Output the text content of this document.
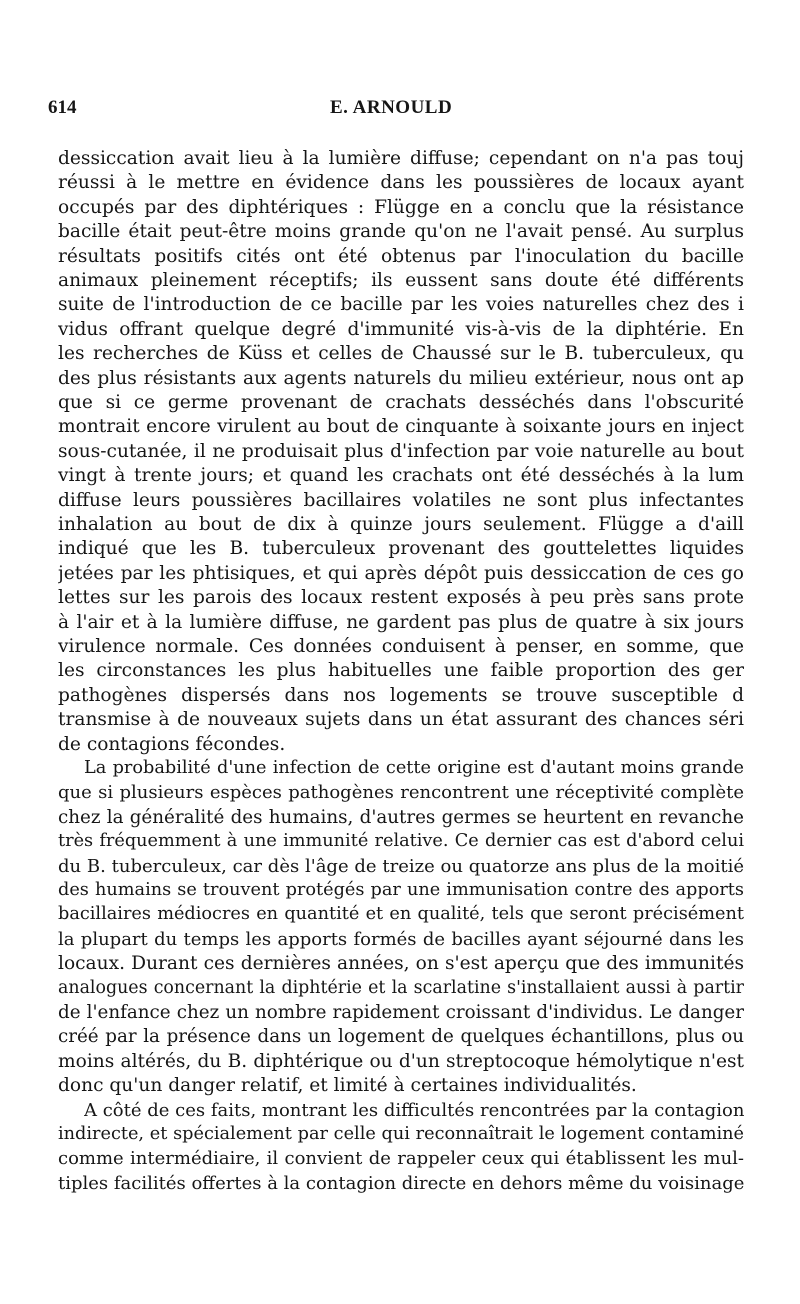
614	E. ARNOULD
dessiccation avait lieu à la lumière diffuse; cependant on n'a pas touj
réussi à le mettre en évidence dans les poussières de locaux ayant
occupés par des diphtériques : Flügge en a conclu que la résistance
bacille était peut-être moins grande qu'on ne l'avait pensé. Au surplus
résultats positifs cités ont été obtenus par l'inoculation du bacille
animaux pleinement réceptifs; ils eussent sans doute été différents
suite de l'introduction de ce bacille par les voies naturelles chez des i
vidus offrant quelque degré d'immunité vis-à-vis de la diphtérie. En
les recherches de Küss et celles de Chaussé sur le B. tuberculeux, qu
des plus résistants aux agents naturels du milieu extérieur, nous ont ap
que si ce germe provenant de crachats desséchés dans l'obscurité
montrait encore virulent au bout de cinquante à soixante jours en inject
sous-cutanée, il ne produisait plus d'infection par voie naturelle au bout
vingt à trente jours; et quand les crachats ont été desséchés à la lum
diffuse leurs poussières bacillaires volatiles ne sont plus infectantes
inhalation au bout de dix à quinze jours seulement. Flügge a d'aill
indiqué que les B. tuberculeux provenant des gouttelettes liquides
jetées par les phtisiques, et qui après dépôt puis dessiccation de ces go
lettes sur les parois des locaux restent exposés à peu près sans prote
à l'air et à la lumière diffuse, ne gardent pas plus de quatre à six jours
virulence normale. Ces données conduisent à penser, en somme, que
les circonstances les plus habituelles une faible proportion des ger
pathogènes dispersés dans nos logements se trouve susceptible d
transmise à de nouveaux sujets dans un état assurant des chances séri
de contagions fécondes.
La probabilité d'une infection de cette origine est d'autant moins grande
que si plusieurs espèces pathogènes rencontrent une réceptivité complète
chez la généralité des humains, d'autres germes se heurtent en revanche
très fréquemment à une immunité relative. Ce dernier cas est d'abord celui
du B. tuberculeux, car dès l'âge de treize ou quatorze ans plus de la moitié
des humains se trouvent protégés par une immunisation contre des apports
bacillaires médiocres en quantité et en qualité, tels que seront précisément
la plupart du temps les apports formés de bacilles ayant séjourné dans les
locaux. Durant ces dernières années, on s'est aperçu que des immunités
analogues concernant la diphtérie et la scarlatine s'installaient aussi à partir
de l'enfance chez un nombre rapidement croissant d'individus. Le danger
créé par la présence dans un logement de quelques échantillons, plus ou
moins altérés, du B. diphtérique ou d'un streptocoque hémolytique n'est
donc qu'un danger relatif, et limité à certaines individualités.
A côté de ces faits, montrant les difficultés rencontrées par la contagion
indirecte, et spécialement par celle qui reconnaîtrait le logement contaminé
comme intermédiaire, il convient de rappeler ceux qui établissent les mul-
tiples facilités offertes à la contagion directe en dehors même du voisinage
